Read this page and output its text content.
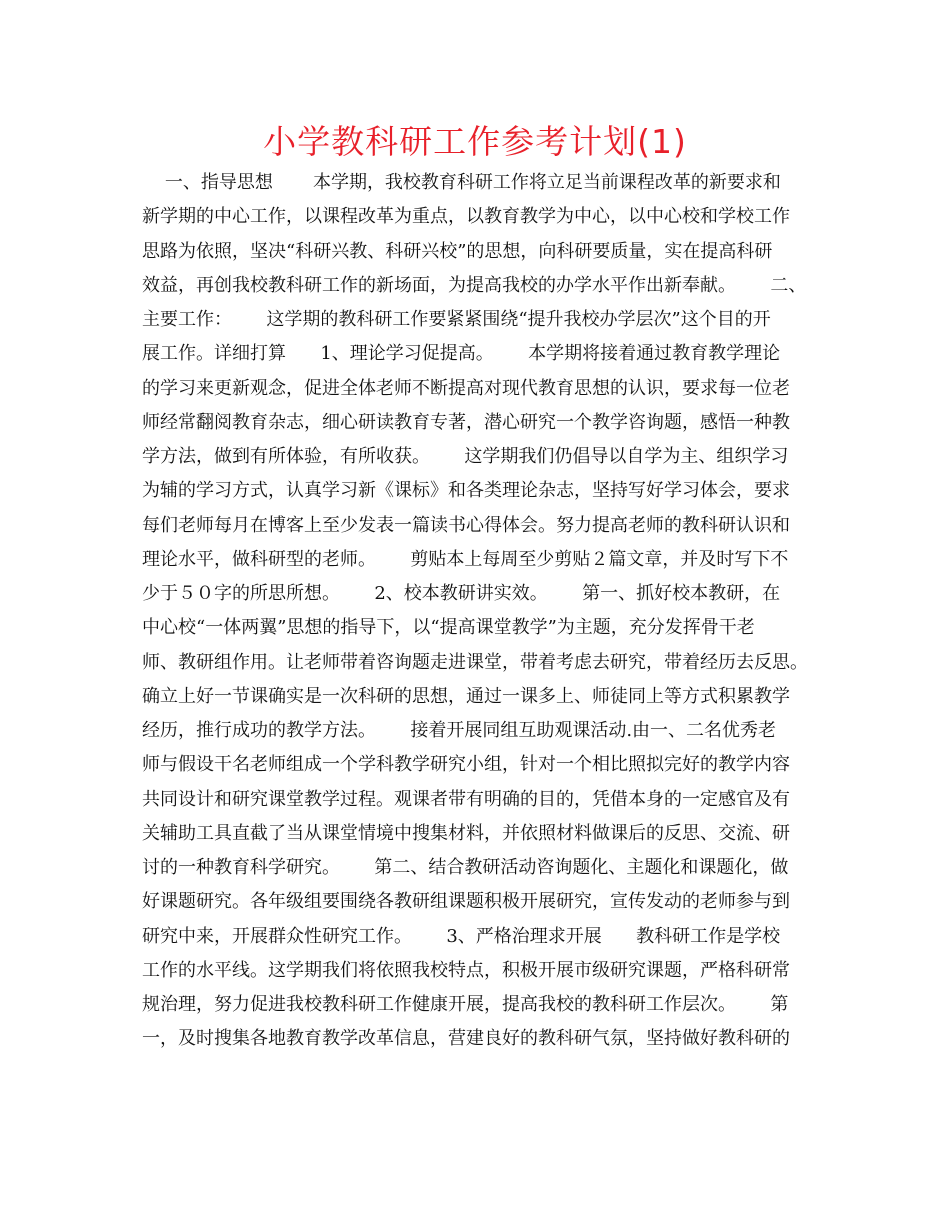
小学教科研工作参考计划(1)
一、指导思想       本学期，我校教育科研工作将立足当前课程改革的新要求和
新学期的中心工作，以课程改革为重点，以教育教学为中心，以中心校和学校工作
思路为依照，坚决“科研兴教、科研兴校”的思想，向科研要质量，实在提高科研
效益，再创我校教科研工作的新场面，为提高我校的办学水平作出新奉献。      二、
主要工作：      这学期的教科研工作要紧紧围绕“提升我校办学层次”这个目的开
展工作。详细打算      1、理论学习促提高。      本学期将接着通过教育教学理论
的学习来更新观念，促进全体老师不断提高对现代教育思想的认识，要求每一位老
师经常翻阅教育杂志，细心研读教育专著，潜心研究一个教学咨询题，感悟一种教
学方法，做到有所体验，有所收获。      这学期我们仍倡导以自学为主、组织学习
为辅的学习方式，认真学习新《课标》和各类理论杂志，坚持写好学习体会，要求
每们老师每月在博客上至少发表一篇读书心得体会。努力提高老师的教科研认识和
理论水平，做科研型的老师。      剪贴本上每周至少剪贴２篇文章，并及时写下不
少于５０字的所思所想。      2、校本教研讲实效。      第一、抓好校本教研，在
中心校“一体两翼”思想的指导下，以“提高课堂教学”为主题，充分发挥骨干老
师、教研组作用。让老师带着咨询题走进课堂，带着考虑去研究，带着经历去反思。
确立上好一节课确实是一次科研的思想，通过一课多上、师徒同上等方式积累教学
经历，推行成功的教学方法。      接着开展同组互助观课活动.由一、二名优秀老
师与假设干名老师组成一个学科教学研究小组，针对一个相比照拟完好的教学内容
共同设计和研究课堂教学过程。观课者带有明确的目的，凭借本身的一定感官及有
关辅助工具直截了当从课堂情境中搜集材料，并依照材料做课后的反思、交流、研
讨的一种教育科学研究。      第二、结合教研活动咨询题化、主题化和课题化，做
好课题研究。各年级组要围绕各教研组课题积极开展研究，宣传发动的老师参与到
研究中来，开展群众性研究工作。      3、严格治理求开展      教科研工作是学校
工作的水平线。这学期我们将依照我校特点，积极开展市级研究课题，严格科研常
规治理，努力促进我校教科研工作健康开展，提高我校的教科研工作层次。      第
一，及时搜集各地教育教学改革信息，营建良好的教科研气氛，坚持做好教科研的
